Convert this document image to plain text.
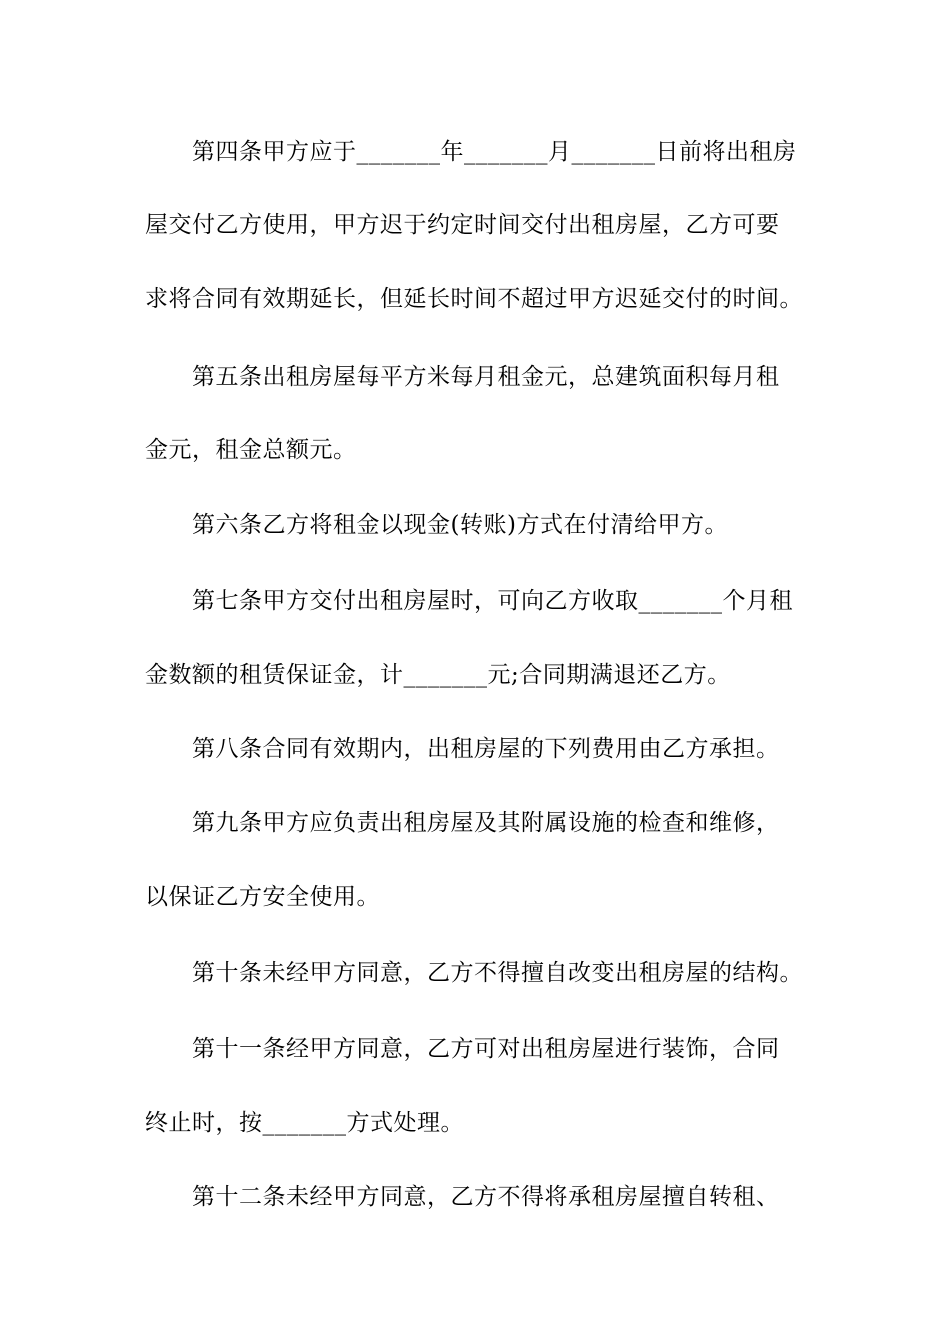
第四条甲方应于_______年_______月_______日前将出租房
屋交付乙方使用，甲方迟于约定时间交付出租房屋，乙方可要
求将合同有效期延长，但延长时间不超过甲方迟延交付的时间。
第五条出租房屋每平方米每月租金元，总建筑面积每月租
金元，租金总额元。
第六条乙方将租金以现金(转账)方式在付清给甲方。
第七条甲方交付出租房屋时，可向乙方收取_______个月租
金数额的租赁保证金，计_______元;合同期满退还乙方。
第八条合同有效期内，出租房屋的下列费用由乙方承担。
第九条甲方应负责出租房屋及其附属设施的检查和维修，
以保证乙方安全使用。
第十条未经甲方同意，乙方不得擅自改变出租房屋的结构。
第十一条经甲方同意，乙方可对出租房屋进行装饰，合同
终止时，按_______方式处理。
第十二条未经甲方同意，乙方不得将承租房屋擅自转租、
